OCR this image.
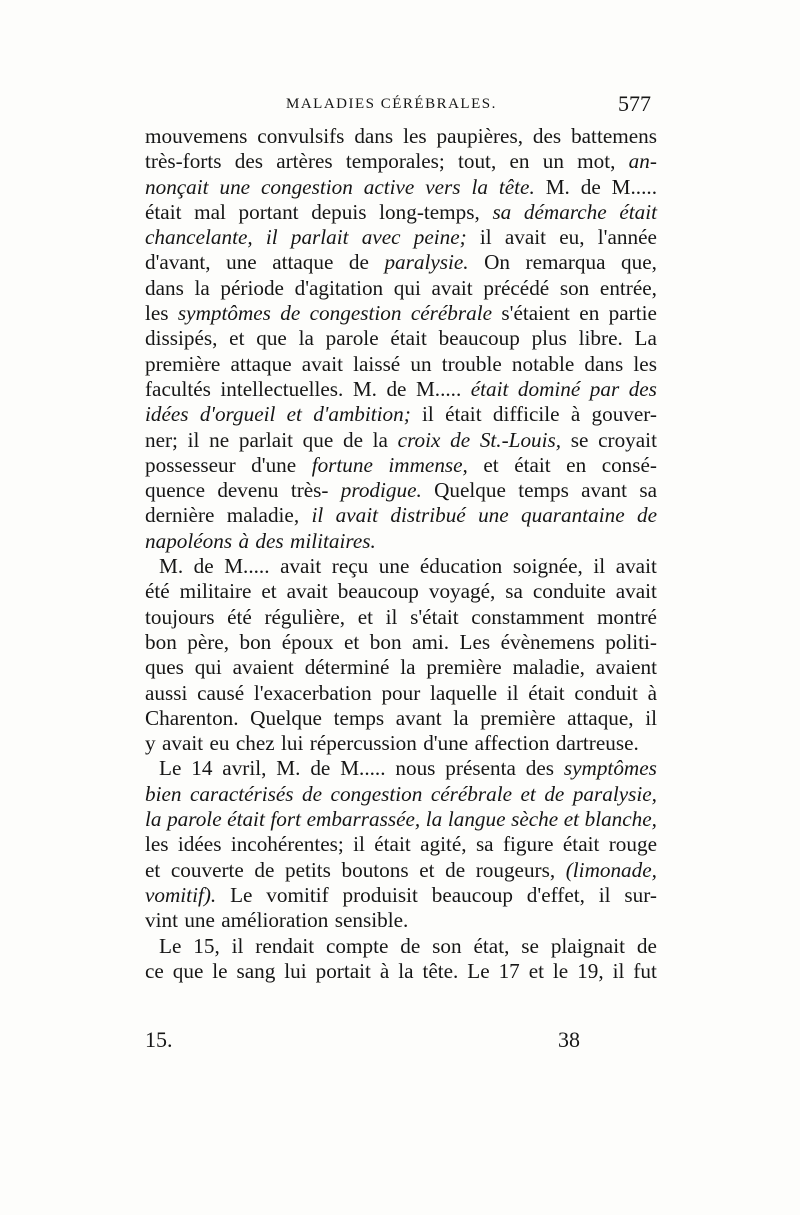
MALADIES CÉRÉBRALES.	577
mouvemens convulsifs dans les paupières, des battemens
très-forts des artères temporales; tout, en un mot, an-
nonçait une congestion active vers la tête. M. de M.....
était mal portant depuis long-temps, sa démarche était
chancelante, il parlait avec peine; il avait eu, l'année
d'avant, une attaque de paralysie. On remarqua que,
dans la période d'agitation qui avait précédé son entrée,
les symptômes de congestion cérébrale s'étaient en partie
dissipés, et que la parole était beaucoup plus libre. La
première attaque avait laissé un trouble notable dans les
facultés intellectuelles. M. de M..... était dominé par des
idées d'orgueil et d'ambition; il était difficile à gouver-
ner; il ne parlait que de la croix de St.-Louis, se croyait
possesseur d'une fortune immense, et était en consé-
quence devenu très- prodigue. Quelque temps avant sa
dernière maladie, il avait distribué une quarantaine de
napoléons à des militaires.
M. de M..... avait reçu une éducation soignée, il avait
été militaire et avait beaucoup voyagé, sa conduite avait
toujours été régulière, et il s'était constamment montré
bon père, bon époux et bon ami. Les évènemens politi-
ques qui avaient déterminé la première maladie, avaient
aussi causé l'exacerbation pour laquelle il était conduit à
Charenton. Quelque temps avant la première attaque, il
y avait eu chez lui répercussion d'une affection dartreuse.
Le 14 avril, M. de M..... nous présenta des symptômes
bien caractérisés de congestion cérébrale et de paralysie,
la parole était fort embarrassée, la langue sèche et blanche,
les idées incohérentes; il était agité, sa figure était rouge
et couverte de petits boutons et de rougeurs, (limonade,
vomitif). Le vomitif produisit beaucoup d'effet, il sur-
vint une amélioration sensible.
Le 15, il rendait compte de son état, se plaignait de
ce que le sang lui portait à la tête. Le 17 et le 19, il fut
15.	38
